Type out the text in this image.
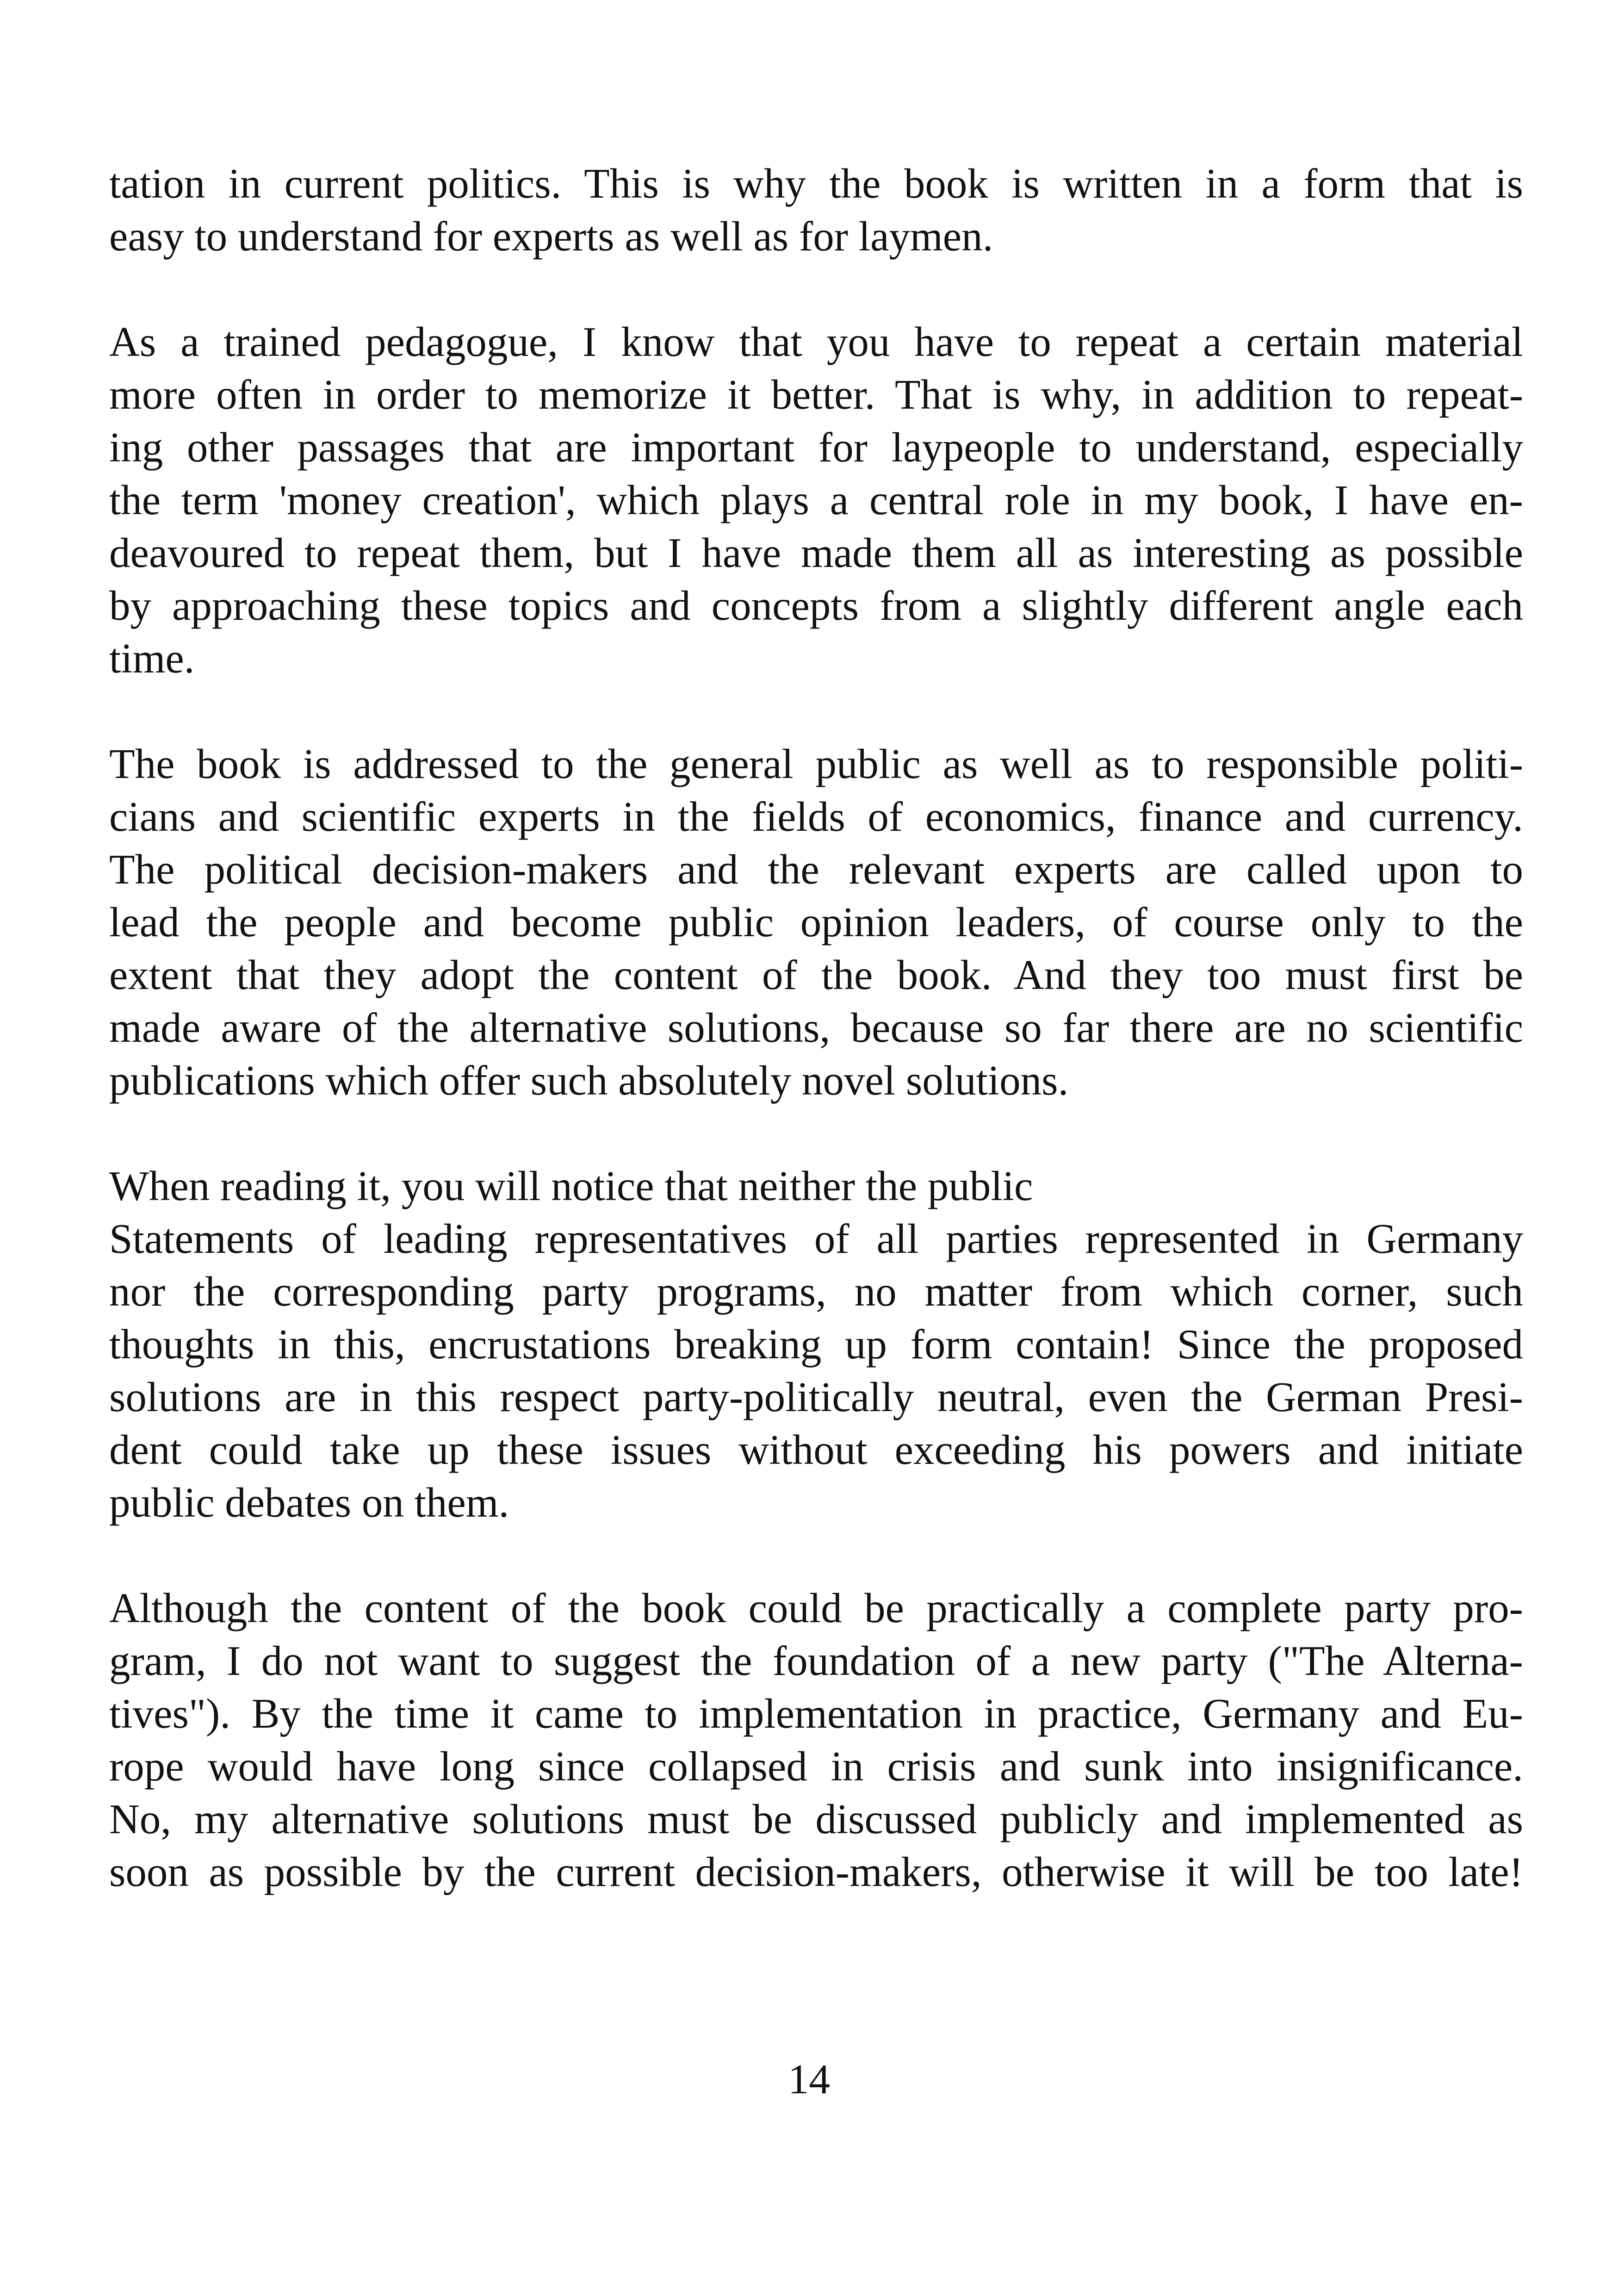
tation in current politics. This is why the book is written in a form that is
easy to understand for experts as well as for laymen.
As a trained pedagogue, I know that you have to repeat a certain material
more often in order to memorize it better. That is why, in addition to repeat-
ing other passages that are important for laypeople to understand, especially
the term 'money creation', which plays a central role in my book, I have en-
deavoured to repeat them, but I have made them all as interesting as possible
by approaching these topics and concepts from a slightly different angle each
time.
The book is addressed to the general public as well as to responsible politi-
cians and scientific experts in the fields of economics, finance and currency.
The political decision-makers and the relevant experts are called upon to
lead the people and become public opinion leaders, of course only to the
extent that they adopt the content of the book. And they too must first be
made aware of the alternative solutions, because so far there are no scientific
publications which offer such absolutely novel solutions.
When reading it, you will notice that neither the public
Statements of leading representatives of all parties represented in Germany
nor the corresponding party programs, no matter from which corner, such
thoughts in this, encrustations breaking up form contain! Since the proposed
solutions are in this respect party-politically neutral, even the German Presi-
dent could take up these issues without exceeding his powers and initiate
public debates on them.
Although the content of the book could be practically a complete party pro-
gram, I do not want to suggest the foundation of a new party ("The Alterna-
tives"). By the time it came to implementation in practice, Germany and Eu-
rope would have long since collapsed in crisis and sunk into insignificance.
No, my alternative solutions must be discussed publicly and implemented as
soon as possible by the current decision-makers, otherwise it will be too late!
14
